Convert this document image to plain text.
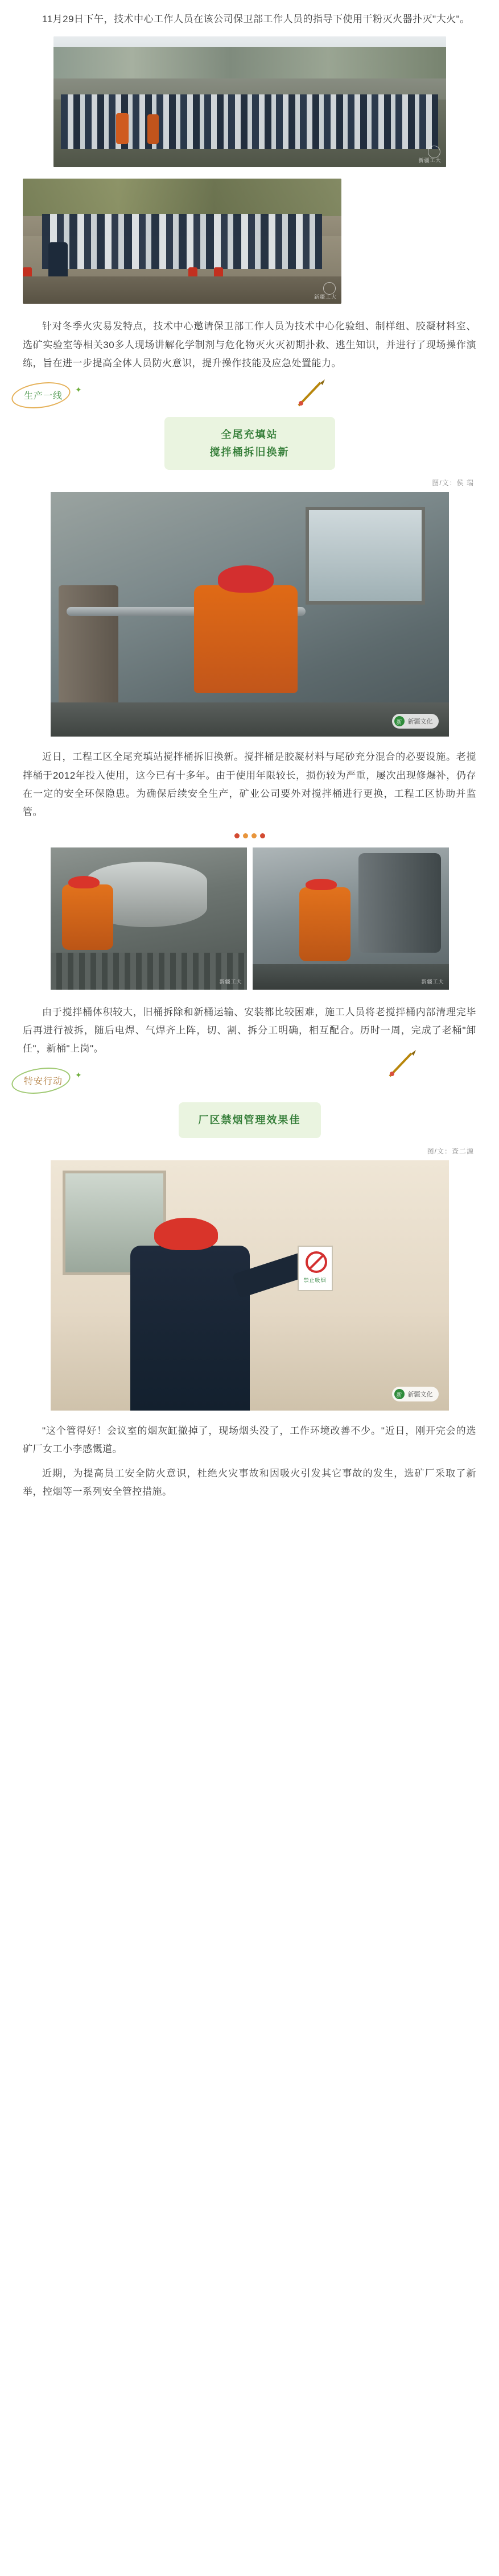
11月29日下午，技术中心工作人员在该公司保卫部工作人员的指导下使用干粉灭火器扑灭"大火"。

新疆工大
新疆工大

针对冬季火灾易发特点，技术中心邀请保卫部工作人员为技术中心化验组、制样组、胶凝材料室、选矿实验室等相关30多人现场讲解化学制剂与危化物灭火灭初期扑救、逃生知识，并进行了现场操作演练，旨在进一步提高全体人员防火意识，提升操作技能及应急处置能力。

生产一线
✦
全尾充填站
搅拌桶拆旧换新
图/文：侯 瑞
新 新疆文化

近日，工程工区全尾充填站搅拌桶拆旧换新。搅拌桶是胶凝材料与尾砂充分混合的必要设施。老搅拌桶于2012年投入使用，这今已有十多年。由于使用年限较长，损伤较为严重，屡次出现修爆补，仍存在一定的安全环保隐患。为确保后续安全生产，矿业公司要外对搅拌桶进行更换，工程工区协助并监管。

新疆工大	新疆工大

由于搅拌桶体积较大，旧桶拆除和新桶运输、安装都比较困难，施工人员将老搅拌桶内部清理完毕后再进行被拆，随后电焊、气焊齐上阵，切、割、拆分工明确，相互配合。历时一周，完成了老桶"卸任"，新桶"上岗"。

特安行动
✦
厂区禁烟管理效果佳
图/文：查二源
禁止吸烟
新 新疆文化

"这个管得好！会议室的烟灰缸撤掉了，现场烟头没了，工作环境改善不少。"近日，刚开完会的选矿厂女工小李感慨道。

近期，为提高员工安全防火意识，杜绝火灾事故和因吸火引发其它事故的发生，选矿厂采取了新举，控烟等一系列安全管控措施。
